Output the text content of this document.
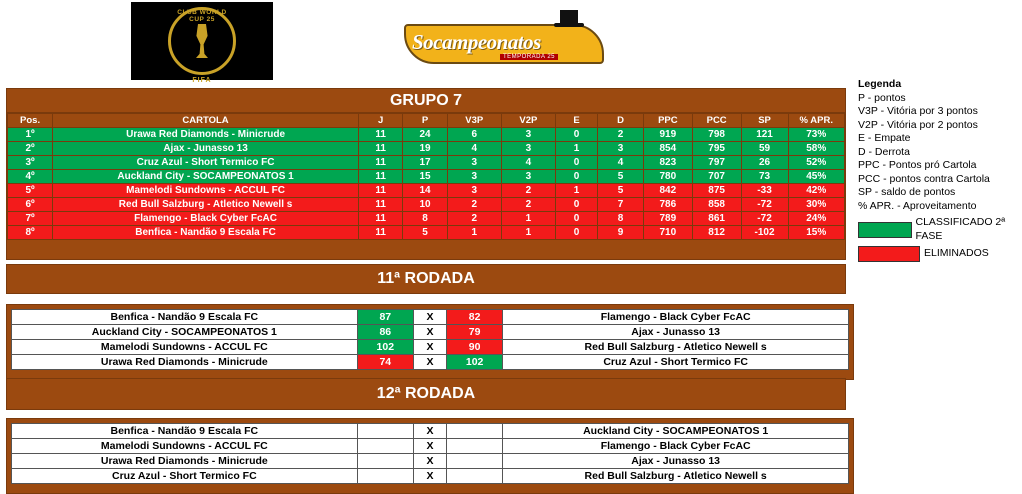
CLUB WORLD CUP 25
FIFA
Socampeonatos
TEMPORADA 25
GRUPO 7
Pos.	CARTOLA	J	P	V3P	V2P	E	D	PPC	PCC	SP	% APR.
1º	Urawa Red Diamonds - Minicrude	11	24	6	3	0	2	919	798	121	73%
2º	Ajax - Junasso 13	11	19	4	3	1	3	854	795	59	58%
3º	Cruz Azul - Short Termico FC	11	17	3	4	0	4	823	797	26	52%
4º	Auckland City - SOCAMPEONATOS 1	11	15	3	3	0	5	780	707	73	45%
5º	Mamelodi Sundowns - ACCUL FC	11	14	3	2	1	5	842	875	-33	42%
6º	Red Bull Salzburg - Atletico Newell s	11	10	2	2	0	7	786	858	-72	30%
7º	Flamengo - Black Cyber FcAC	11	8	2	1	0	8	789	861	-72	24%
8º	Benfica - Nandão 9 Escala FC	11	5	1	1	0	9	710	812	-102	15%
Legenda
P - pontos
V3P - Vitória por 3 pontos
V2P - Vitória por 2 pontos
E - Empate
D - Derrota
PPC - Pontos pró Cartola
PCC - pontos contra Cartola
SP - saldo de pontos
% APR. - Aproveitamento
CLASSIFICADO 2ª FASE
ELIMINADOS
11ª RODADA
Benfica - Nandão 9 Escala FC	87	X	82	Flamengo - Black Cyber FcAC
Auckland City - SOCAMPEONATOS 1	86	X	79	Ajax - Junasso 13
Mamelodi Sundowns - ACCUL FC	102	X	90	Red Bull Salzburg - Atletico Newell s
Urawa Red Diamonds - Minicrude	74	X	102	Cruz Azul - Short Termico FC
12ª RODADA
Benfica - Nandão 9 Escala FC		X		Auckland City - SOCAMPEONATOS 1
Mamelodi Sundowns - ACCUL FC		X		Flamengo - Black Cyber FcAC
Urawa Red Diamonds - Minicrude		X		Ajax - Junasso 13
Cruz Azul - Short Termico FC		X		Red Bull Salzburg - Atletico Newell s
